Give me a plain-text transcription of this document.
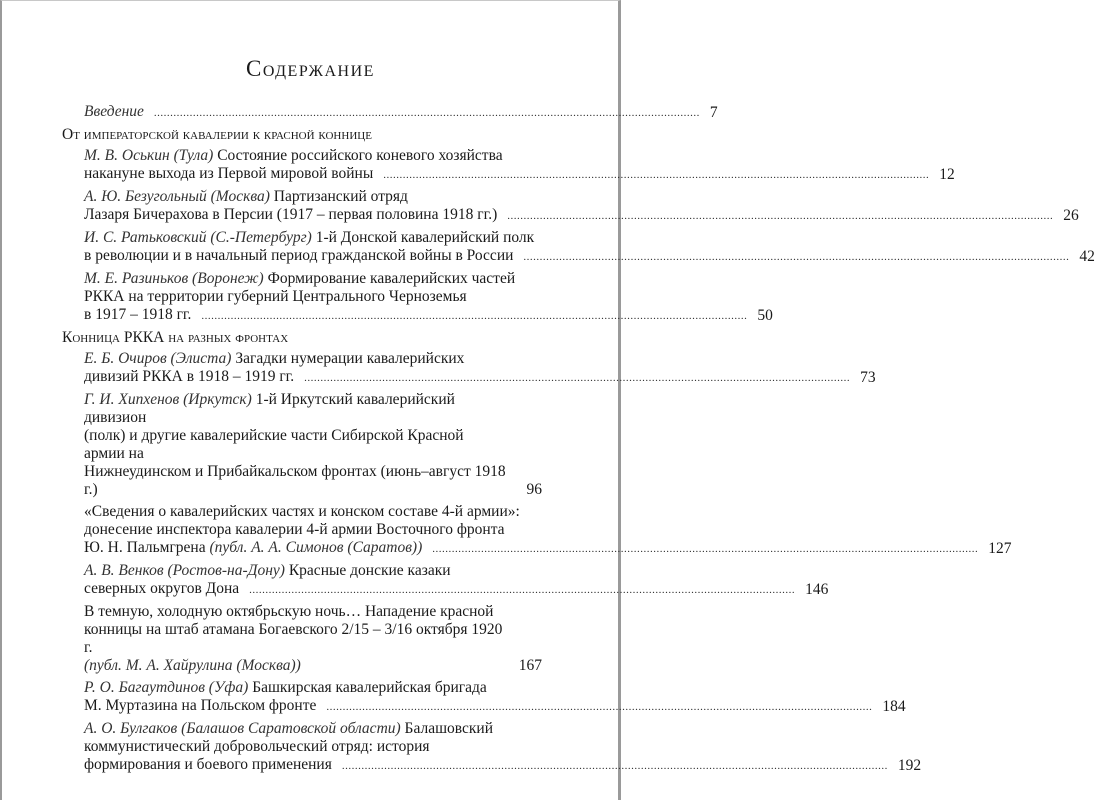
Содержание
Введение .....	7
От императорской кавалерии к красной коннице
М. В. Оськин (Тула) Состояние российского коневого хозяйства
накануне выхода из Первой мировой войны .....	12
А. Ю. Безугольный (Москва) Партизанский отряд
Лазаря Бичерахова в Персии (1917 – первая половина 1918 гг.) .....	26
И. С. Ратьковский (С.-Петербург) 1-й Донской кавалерийский полк
в революции и в начальный период гражданской войны в России .....	42
М. Е. Разиньков (Воронеж) Формирование кавалерийских частей
РККА на территории губерний Центрального Черноземья
в 1917 – 1918 гг. .....	50
Конница РККА на разных фронтах
Е. Б. Очиров (Элиста) Загадки нумерации кавалерийских
дивизий РККА в 1918 – 1919 гг. .....	73
Г. И. Хипхенов (Иркутск) 1-й Иркутский кавалерийский дивизион
(полк) и другие кавалерийские части Сибирской Красной армии на
Нижнеудинском и Прибайкальском фронтах (июнь–август 1918 г.)	96
«Сведения о кавалерийских частях и конском составе 4-й армии»:
донесение инспектора кавалерии 4-й армии Восточного фронта
Ю. Н. Пальмгрена
(публ. А. А. Симонов (Саратов)) .....	127
А. В. Венков (Ростов-на-Дону) Красные донские казаки
северных округов Дона .....	146
В темную, холодную октябрьскую ночь… Нападение красной
конницы на штаб атамана Богаевского 2/15 – 3/16 октября 1920 г.
(публ. М. А. Хайрулина (Москва))	167
Р. О. Багаутдинов (Уфа) Башкирская кавалерийская бригада
М. Муртазина на Польском фронте .....	184
А. О. Булгаков (Балашов Саратовской области) Балашовский
коммунистический добровольческий отряд: история
формирования и боевого применения .....	192
